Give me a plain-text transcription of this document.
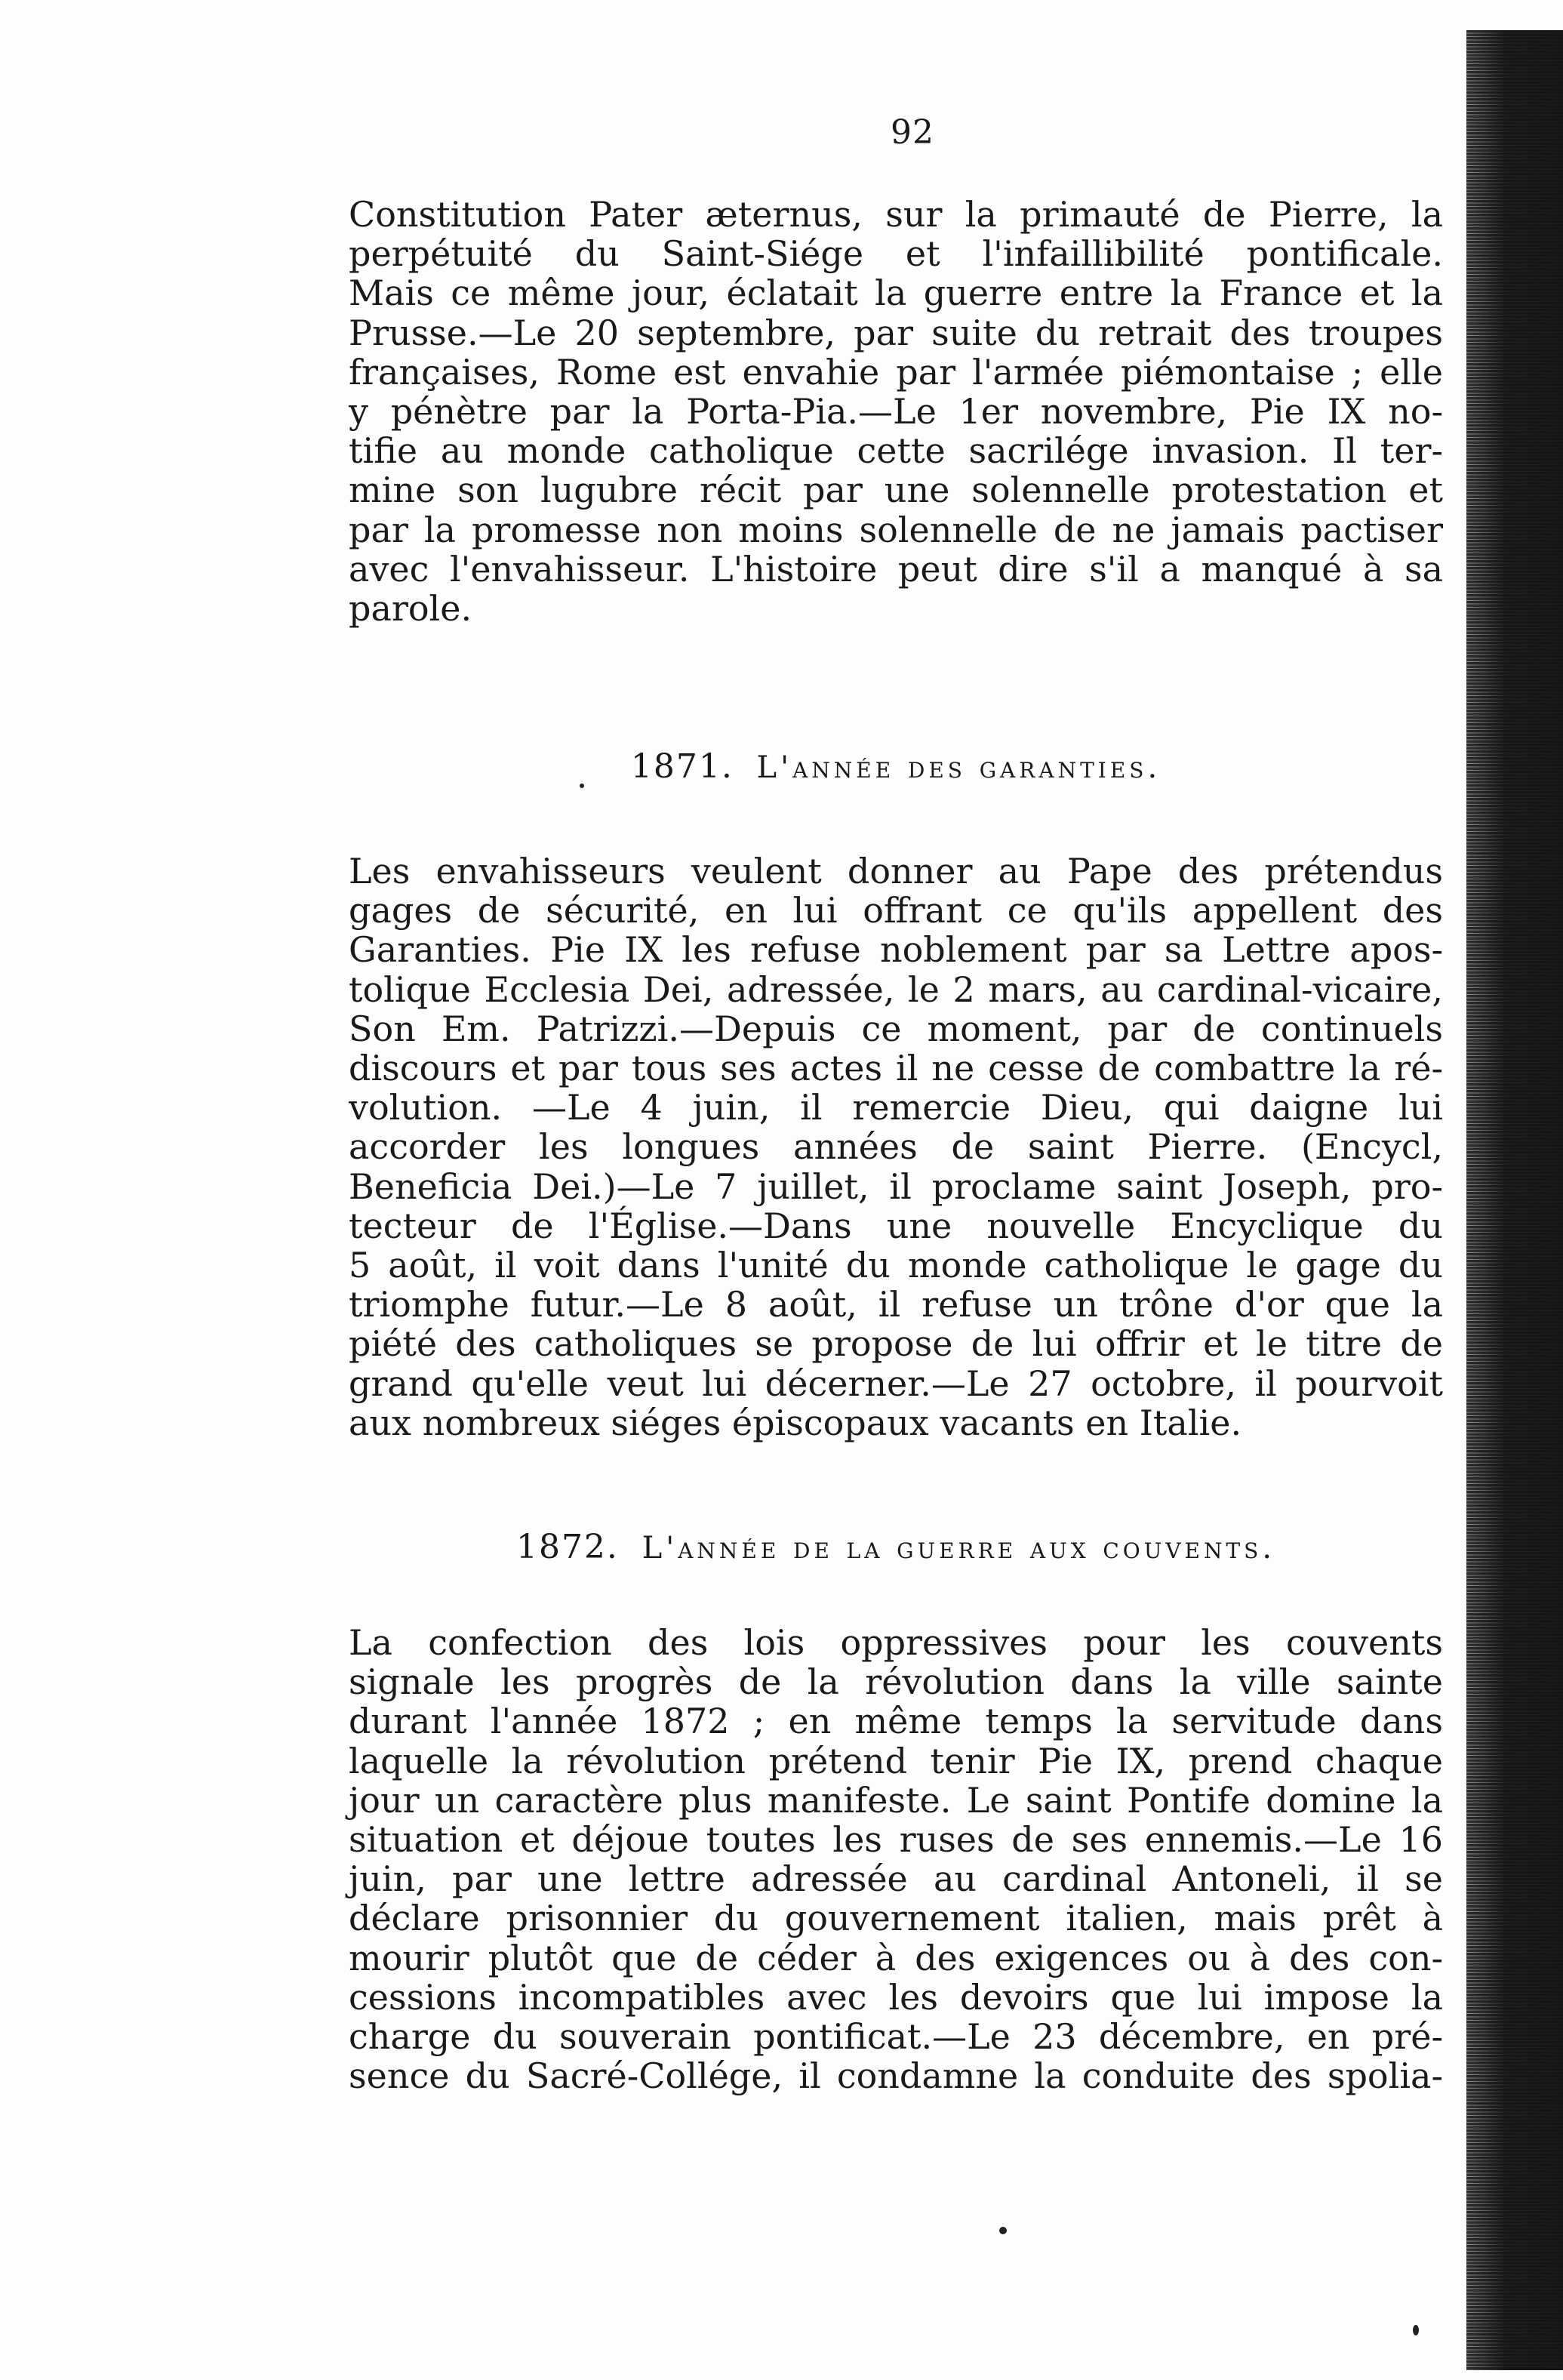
92
Constitution Pater æternus, sur la primauté de Pierre, la
perpétuité du Saint-Siége et l'infaillibilité pontificale.
Mais ce même jour, éclatait la guerre entre la France et la
Prusse.—Le 20 septembre, par suite du retrait des troupes
françaises, Rome est envahie par l'armée piémontaise ; elle
y pénètre par la Porta-Pia.—Le 1er novembre, Pie IX no-
tifie au monde catholique cette sacrilége invasion. Il ter-
mine son lugubre récit par une solennelle protestation et
par la promesse non moins solennelle de ne jamais pactiser
avec l'envahisseur. L'histoire peut dire s'il a manqué à sa
parole.
1871. L'année des garanties.
Les envahisseurs veulent donner au Pape des prétendus
gages de sécurité, en lui offrant ce qu'ils appellent des
Garanties. Pie IX les refuse noblement par sa Lettre apos-
tolique Ecclesia Dei, adressée, le 2 mars, au cardinal-vicaire,
Son Em. Patrizzi.—Depuis ce moment, par de continuels
discours et par tous ses actes il ne cesse de combattre la ré-
volution. —Le 4 juin, il remercie Dieu, qui daigne lui
accorder les longues années de saint Pierre. (Encycl,
Beneficia Dei.)—Le 7 juillet, il proclame saint Joseph, pro-
tecteur de l'Église.—Dans une nouvelle Encyclique du
5 août, il voit dans l'unité du monde catholique le gage du
triomphe futur.—Le 8 août, il refuse un trône d'or que la
piété des catholiques se propose de lui offrir et le titre de
grand qu'elle veut lui décerner.—Le 27 octobre, il pourvoit
aux nombreux siéges épiscopaux vacants en Italie.
1872. L'année de la guerre aux couvents.
La confection des lois oppressives pour les couvents
signale les progrès de la révolution dans la ville sainte
durant l'année 1872 ; en même temps la servitude dans
laquelle la révolution prétend tenir Pie IX, prend chaque
jour un caractère plus manifeste. Le saint Pontife domine la
situation et déjoue toutes les ruses de ses ennemis.—Le 16
juin, par une lettre adressée au cardinal Antoneli, il se
déclare prisonnier du gouvernement italien, mais prêt à
mourir plutôt que de céder à des exigences ou à des con-
cessions incompatibles avec les devoirs que lui impose la
charge du souverain pontificat.—Le 23 décembre, en pré-
sence du Sacré-Collége, il condamne la conduite des spolia-
